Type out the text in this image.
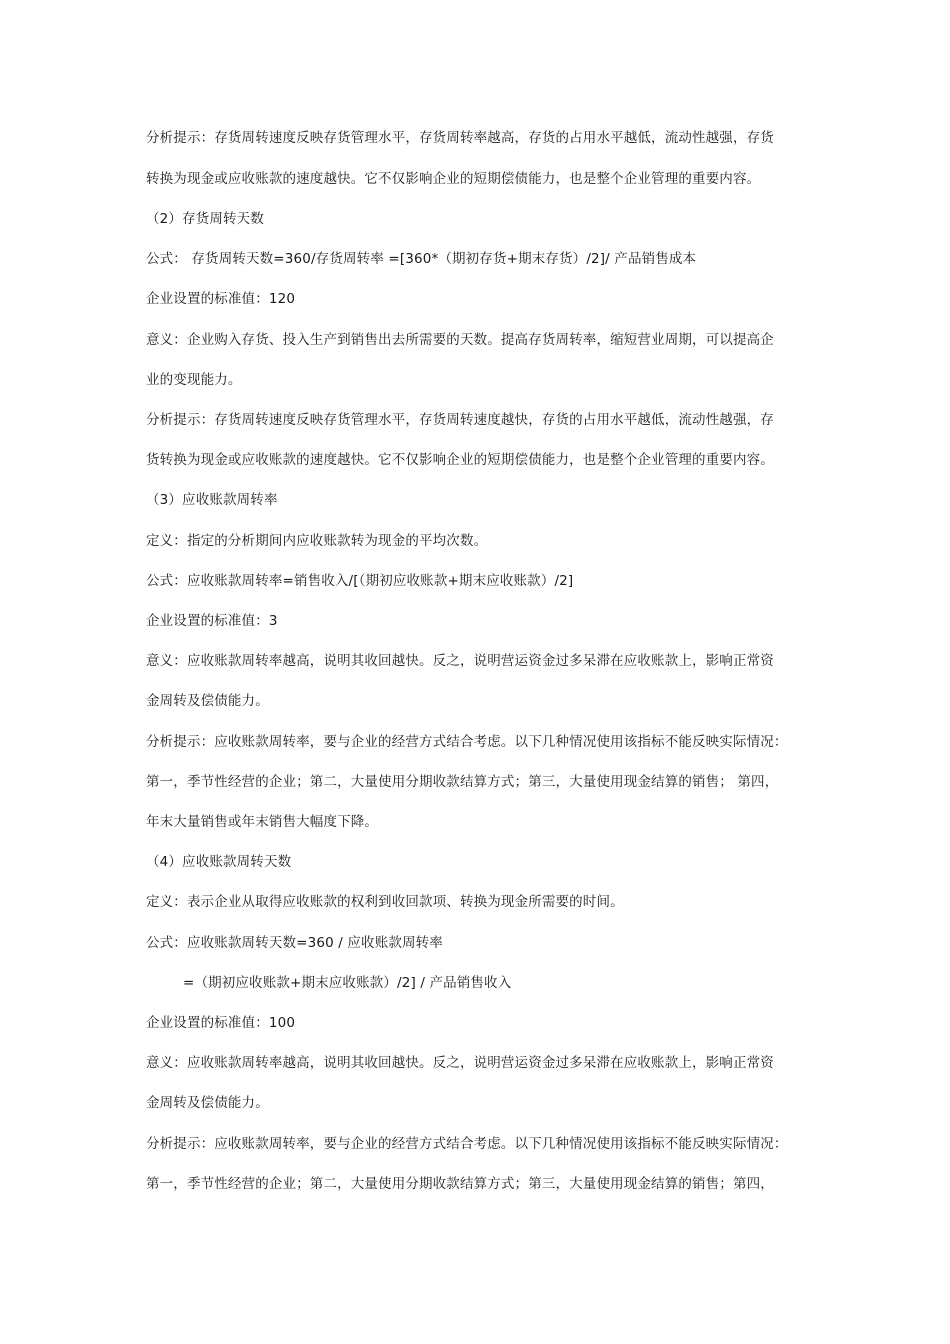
分析提示：存货周转速度反映存货管理水平，存货周转率越高，存货的占用水平越低，流动性越强，存货
转换为现金或应收账款的速度越快。它不仅影响企业的短期偿债能力，也是整个企业管理的重要内容。
（2）存货周转天数
公式： 存货周转天数=360/存货周转率 =[360*（期初存货+期末存货）/2]/ 产品销售成本
企业设置的标准值：120
意义：企业购入存货、投入生产到销售出去所需要的天数。提高存货周转率，缩短营业周期，可以提高企
业的变现能力。
分析提示：存货周转速度反映存货管理水平，存货周转速度越快，存货的占用水平越低，流动性越强，存
货转换为现金或应收账款的速度越快。它不仅影响企业的短期偿债能力，也是整个企业管理的重要内容。
（3）应收账款周转率
定义：指定的分析期间内应收账款转为现金的平均次数。
公式：应收账款周转率=销售收入/[（期初应收账款+期末应收账款）/2]
企业设置的标准值：3
意义：应收账款周转率越高，说明其收回越快。反之，说明营运资金过多呆滞在应收账款上，影响正常资
金周转及偿债能力。
分析提示：应收账款周转率，要与企业的经营方式结合考虑。以下几种情况使用该指标不能反映实际情况：
第一，季节性经营的企业；第二，大量使用分期收款结算方式；第三，大量使用现金结算的销售； 第四，
年末大量销售或年末销售大幅度下降。
（4）应收账款周转天数
定义：表示企业从取得应收账款的权利到收回款项、转换为现金所需要的时间。
公式：应收账款周转天数=360 / 应收账款周转率
=（期初应收账款+期末应收账款）/2] / 产品销售收入
企业设置的标准值：100
意义：应收账款周转率越高，说明其收回越快。反之，说明营运资金过多呆滞在应收账款上，影响正常资
金周转及偿债能力。
分析提示：应收账款周转率，要与企业的经营方式结合考虑。以下几种情况使用该指标不能反映实际情况：
第一，季节性经营的企业；第二，大量使用分期收款结算方式；第三，大量使用现金结算的销售；第四，
